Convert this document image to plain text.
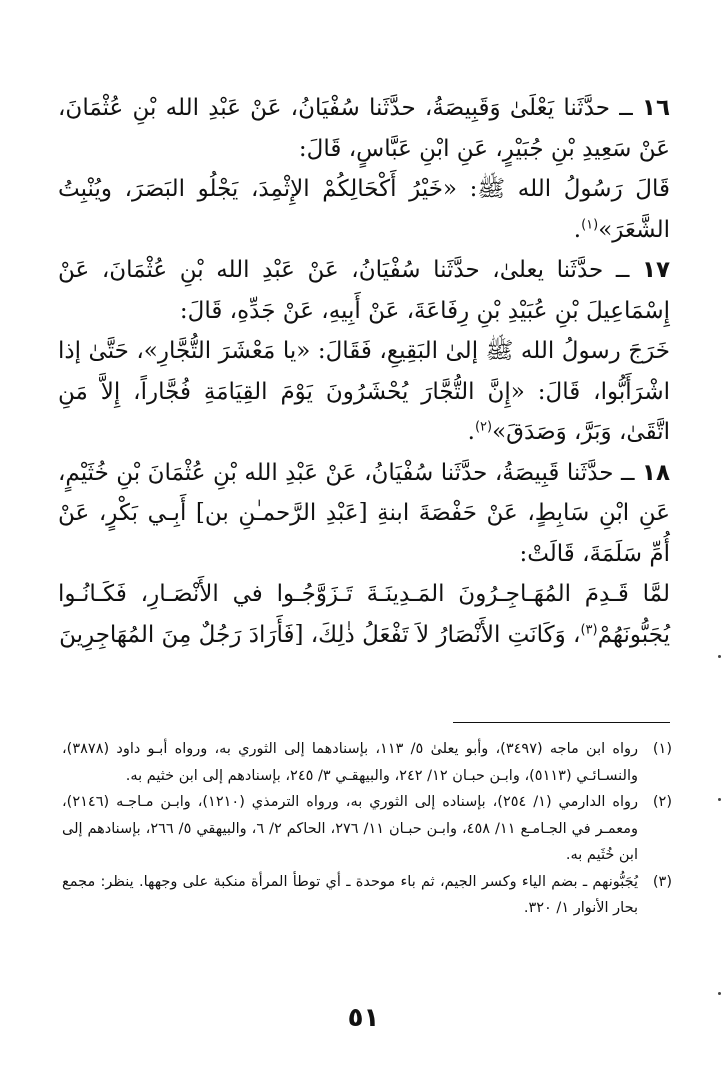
١٦ ــ حدَّثَنا يَعْلَىٰ وَقَبِيصَةُ، حدَّثَنا سُفْيَانُ، عَنْ عَبْدِ الله بْنِ عُثْمَانَ، عَنْ سَعِيدِ بْنِ جُبَيْرٍ، عَنِ ابْنِ عَبَّاسٍ، قَالَ:

قَالَ رَسُولُ الله ﷺ: «خَيْرُ أَكْحَالِكُمْ الإِثْمِدَ، يَجْلُو البَصَرَ، ويُنْبِتُ الشَّعَرَ»$^{(١)}$.

١٧ ــ حدَّثَنا يعلىٰ، حدَّثَنا سُفْيَانُ، عَنْ عَبْدِ الله بْنِ عُثْمَانَ، عَنْ إِسْمَاعِيلَ بْنِ عُبَيْدِ بْنِ رِفَاعَةَ، عَنْ أَبِيهِ، عَنْ جَدِّهِ، قَالَ:

خَرَجَ رسولُ الله ﷺ إلىٰ البَقِيعِ، فَقَالَ: «يا مَعْشَرَ التُّجَّارِ»، حَتَّىٰ إذا اشْرَأَبُّوا، قَالَ: «إِنَّ التُّجَّارَ يُحْشَرُونَ يَوْمَ القِيَامَةِ فُجَّاراً، إِلاَّ مَنِ اتَّقَىٰ، وَبَرَّ، وَصَدَقَ»$^{(٢)}$.

١٨ ــ حدَّثَنا قَبِيصَةُ، حدَّثَنا سُفْيَانُ، عَنْ عَبْدِ الله بْنِ عُثْمَانَ بْنِ خُثَيْمٍ، عَنِ ابْنِ سَابِطٍ، عَنْ حَفْصَةَ ابنةِ [عَبْدِ الرَّحمـٰنِ بن] أَبِـي بَكْرٍ، عَنْ أُمِّ سَلَمَةَ، قَالَتْ:

لمَّا قَـدِمَ المُهَـاجِـرُونَ المَـدِينَـةَ تَـزَوَّجُـوا في الأَنْصَـارِ، فَكَـانُـوا يُجَبُّونَهُمْ$^{(٣)}$، وَكَانَتِ الأَنْصَارُ لاَ تَفْعَلُ ذٰلِكَ، [فَأَرَادَ رَجُلٌ مِنَ المُهَاجِرِينَ

(١)
رواه ابن ماجه (٣٤٩٧)، وأبو يعلىٰ ٥/ ١١٣، بإسنادهما إلى الثوري به، ورواه أبـو داود (٣٨٧٨)، والنسـائـي (٥١١٣)، وابـن حبـان ١٢/ ٢٤٢، والبيهقـي ٣/ ٢٤٥، بإسنادهم إلى ابن خثيم به.
(٢)
رواه الدارمي (١/ ٢٥٤)، بإسناده إلى الثوري به، ورواه الترمذي (١٢١٠)، وابـن مـاجـه (٢١٤٦)، ومعمـر في الجـامـع ١١/ ٤٥٨، وابـن حبـان ١١/ ٢٧٦، الحاكم ٢/ ٦، والبيهقي ٥/ ٢٦٦، بإسنادهم إلى ابن خُثَيم به.
(٣)
يُجَبُّونهم ـ بضم الياء وكسر الجيم، ثم باء موحدة ـ أي توطأ المرأة منكبة على وجهها. ينظر: مجمع بحار الأنوار ١/ ٣٢٠.
٥١
